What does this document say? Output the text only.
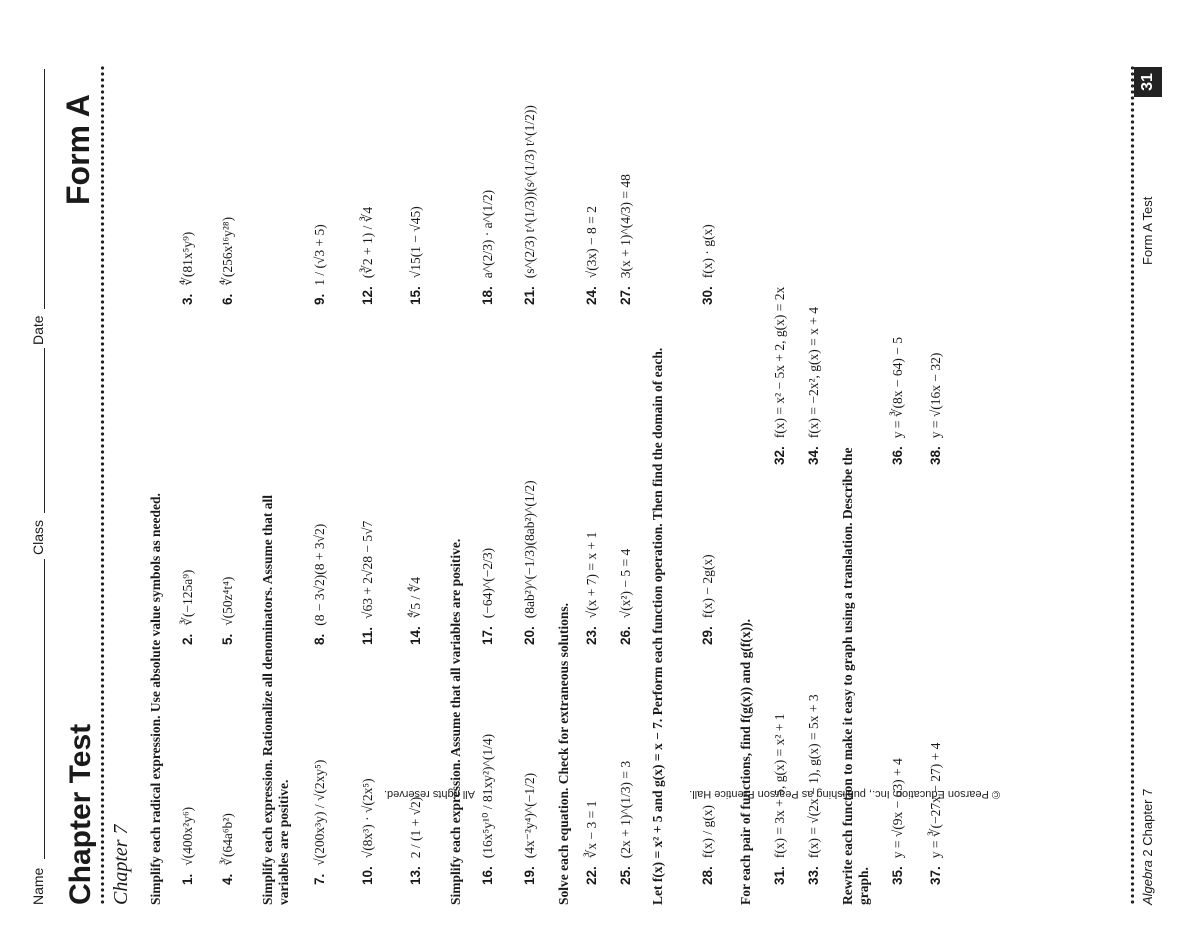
Name
Class
Date
Chapter Test
Form A
Chapter 7 Simplify each radical expression. Use absolute value symbols as needed. 1.√(400x²y⁶)
2.∛(−125a⁹)
3.∜(81x⁵y⁹)
4.∛(64a⁶b²)
5.√(50z⁴t⁴)
6.∜(256x¹⁶y²⁸)
Simplify each expression. Rationalize all denominators. Assume that all variables are positive. 7.√(200x³y) / √(2xy⁵)
8.(8 − 3√2)(8 + 3√2)
9.1 / (√3 + 5)
10.√(8x³) · √(2x⁵)
11.√63 + 2√28 − 5√7
12.(∛2 + 1) / ∛4
13.2 / (1 + √2)
14.∜5 / ∜4
15.√15(1 − √45)
Simplify each expression. Assume that all variables are positive. 16.(16x⁵y¹⁰ / 81xy²)^(1/4)
17.(−64)^(−2/3)
18.a^(2/3) · a^(1/2)
19.(4x⁻²y⁴)^(−1/2)
20.(8ab²)^(−1/3)(8ab²)^(1/2)
21.(s^(2/3) t^(1/3))(s^(1/3) t^(1/2))
Solve each equation. Check for extraneous solutions. 22.∛x − 3 = 1
23.√(x + 7) = x + 1
24.√(3x) − 8 = 2
25.(2x + 1)^(1/3) = 3
26.√(x²) − 5 = 4
27.3(x + 1)^(4/3) = 48
Let f(x) = x² + 5 and g(x) = x − 7. Perform each function operation. Then find the domain of each.	28.f(x) / g(x)
29.f(x) − 2g(x)
30.f(x) · g(x)
For each pair of functions, find f(g(x)) and g(f(x)). 31.f(x) = 3x + 5, g(x) = x² + 1
32.f(x) = x² − 5x + 2, g(x) = 2x
33.f(x) = √(2x − 1), g(x) = 5x + 3
34.f(x) = −2x², g(x) = x + 4
Rewrite each function to make it easy to graph using a translation. Describe the graph. 35.y = √(9x − 63) + 4
36.y = ∛(8x − 64) − 5
37.y = ∛(−27x − 27) + 4
38.y = √(16x − 32)
Algebra 2 Chapter 7
Form A Test
31
© Pearson Education, Inc., publishing as Pearson Prentice Hall.
All rights reserved.
